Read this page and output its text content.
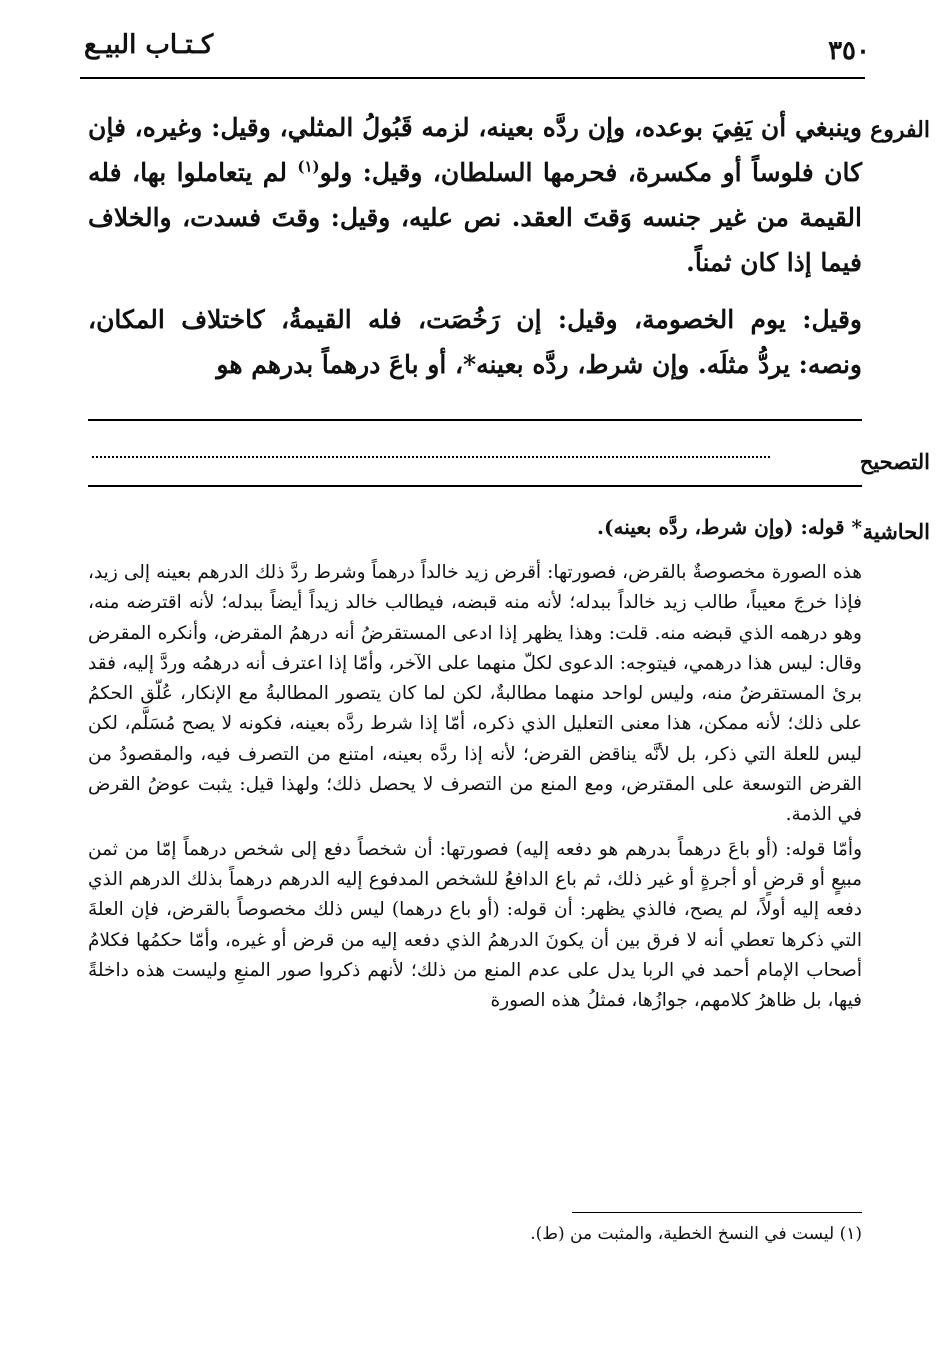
كـتـاب البيـع	٣٥٠
الفروع

وينبغي أن يَفِيَ بوعده، وإن ردَّه بعينه، لزمه قَبُولُ المثلي، وقيل: وغيره، فإن كان فلوساً أو مكسرة، فحرمها السلطان، وقيل: ولو$^{(١)}$ لم يتعاملوا بها، فله القيمة من غير جنسه وَقتَ العقد. نص عليه، وقيل: وقتَ فسدت، والخلاف فيما إذا كان ثمناً.

وقيل: يوم الخصومة، وقيل: إن رَخُصَت، فله القيمةُ، كاختلاف المكان، ونصه: يردُّ مثلَه. وإن شرط، ردَّه بعينه*، أو باعَ درهماً بدرهم هو

التصحيح
الحاشية
* قوله: (وإن شرط، ردَّه بعينه).

هذه الصورة مخصوصةٌ بالقرض، فصورتها: أقرض زيد خالداً درهماً وشرط ردَّ ذلك الدرهم بعينه إلى زيد، فإذا خرجَ معيباً، طالب زيد خالداً ببدله؛ لأنه منه قبضه، فيطالب خالد زيداً أيضاً ببدله؛ لأنه اقترضه منه، وهو درهمه الذي قبضه منه. قلت: وهذا يظهر إذا ادعى المستقرضُ أنه درهمُ المقرض، وأنكره المقرض وقال: ليس هذا درهمي، فيتوجه: الدعوى لكلّ منهما على الآخر، وأمّا إذا اعترف أنه درهمُه وردَّ إليه، فقد برئ المستقرضُ منه، وليس لواحد منهما مطالبةٌ، لكن لما كان يتصور المطالبةُ مع الإنكار، عُلّق الحكمُ على ذلك؛ لأنه ممكن، هذا معنى التعليل الذي ذكره، أمّا إذا شرط ردَّه بعينه، فكونه لا يصح مُسَلَّم، لكن ليس للعلة التي ذكر، بل لأنَّه يناقض القرض؛ لأنه إذا ردَّه بعينه، امتنع من التصرف فيه، والمقصودُ من القرض التوسعة على المقترض، ومع المنع من التصرف لا يحصل ذلك؛ ولهذا قيل: يثبت عوضُ القرض في الذمة.

وأمّا قوله: (أو باعَ درهماً بدرهم هو دفعه إليه) فصورتها: أن شخصاً دفع إلى شخص درهماً إمّا من ثمن مبيعٍ أو قرضٍ أو أجرةٍ أو غير ذلك، ثم باع الدافعُ للشخص المدفوع إليه الدرهم درهماً بذلك الدرهم الذي دفعه إليه أولاً، لم يصح، فالذي يظهر: أن قوله: (أو باع درهما) ليس ذلك مخصوصاً بالقرض، فإن العلةَ التي ذكرها تعطي أنه لا فرق بين أن يكونَ الدرهمُ الذي دفعه إليه من قرض أو غيره، وأمّا حكمُها فكلامُ أصحاب الإمام أحمد في الربا يدل على عدم المنع من ذلك؛ لأنهم ذكروا صور المنعِ وليست هذه داخلةً فيها، بل ظاهرُ كلامهم، جوازُها، فمثلُ هذه الصورة

(١) ليست في النسخ الخطية، والمثبت من (ط).
